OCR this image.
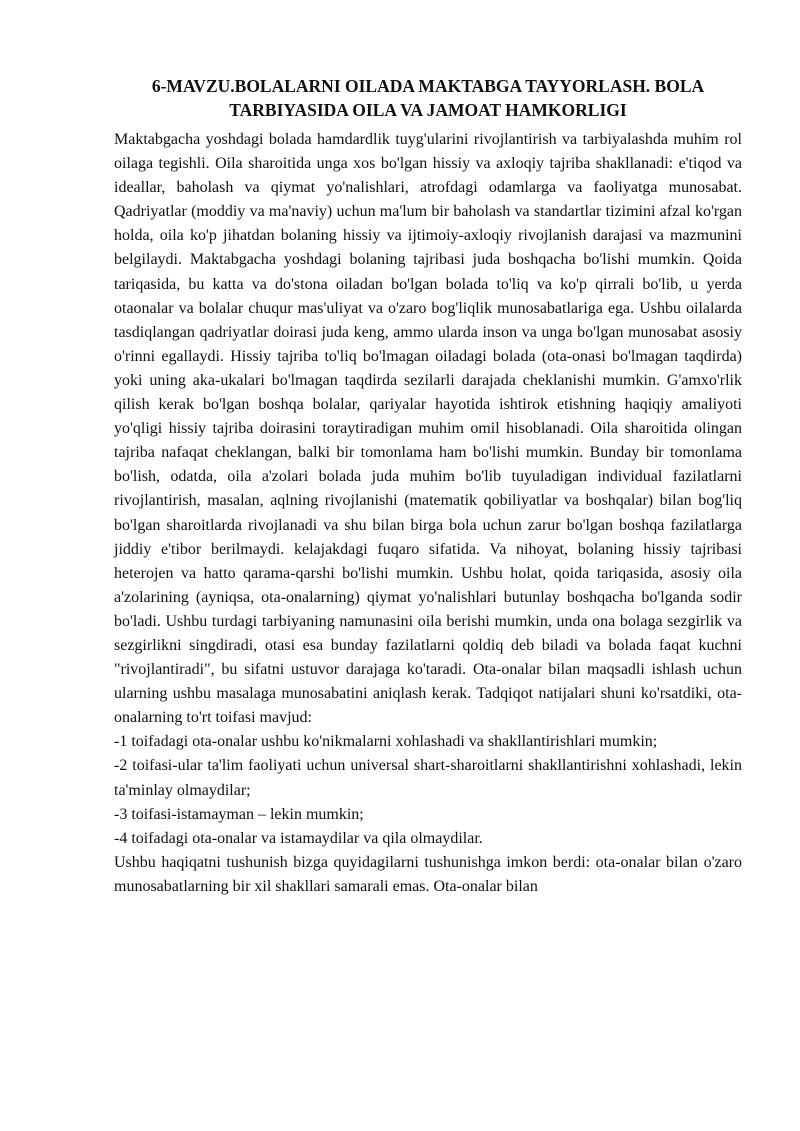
6-MAVZU.BOLALARNI OILADA MAKTABGA TAYYORLASH. BOLA
TARBIYASIDA OILA VA JAMOAT HAMKORLIGI

Maktabgacha yoshdagi bolada hamdardlik tuyg'ularini rivojlantirish va tarbiyalashda muhim rol oilaga tegishli. Oila sharoitida unga xos bo'lgan hissiy va axloqiy tajriba shakllanadi: e'tiqod va ideallar, baholash va qiymat yo'nalishlari, atrofdagi odamlarga va faoliyatga munosabat. Qadriyatlar (moddiy va ma'naviy) uchun ma'lum bir baholash va standartlar tizimini afzal ko'rgan holda, oila ko'p jihatdan bolaning hissiy va ijtimoiy-axloqiy rivojlanish darajasi va mazmunini belgilaydi. Maktabgacha yoshdagi bolaning tajribasi juda boshqacha bo'lishi mumkin. Qoida tariqasida, bu katta va do'stona oiladan bo'lgan bolada to'liq va ko'p qirrali bo'lib, u yerda otaonalar va bolalar chuqur mas'uliyat va o'zaro bog'liqlik munosabatlariga ega. Ushbu oilalarda tasdiqlangan qadriyatlar doirasi juda keng, ammo ularda inson va unga bo'lgan munosabat asosiy o'rinni egallaydi. Hissiy tajriba to'liq bo'lmagan oiladagi bolada (ota-onasi bo'lmagan taqdirda) yoki uning aka-ukalari bo'lmagan taqdirda sezilarli darajada cheklanishi mumkin. G'amxo'rlik qilish kerak bo'lgan boshqa bolalar, qariyalar hayotida ishtirok etishning haqiqiy amaliyoti yo'qligi hissiy tajriba doirasini toraytiradigan muhim omil hisoblanadi. Oila sharoitida olingan tajriba nafaqat cheklangan, balki bir tomonlama ham bo'lishi mumkin. Bunday bir tomonlama bo'lish, odatda, oila a'zolari bolada juda muhim bo'lib tuyuladigan individual fazilatlarni rivojlantirish, masalan, aqlning rivojlanishi (matematik qobiliyatlar va boshqalar) bilan bog'liq bo'lgan sharoitlarda rivojlanadi va shu bilan birga bola uchun zarur bo'lgan boshqa fazilatlarga jiddiy e'tibor berilmaydi. kelajakdagi fuqaro sifatida. Va nihoyat, bolaning hissiy tajribasi heterojen va hatto qarama-qarshi bo'lishi mumkin. Ushbu holat, qoida tariqasida, asosiy oila a'zolarining (ayniqsa, ota-onalarning) qiymat yo'nalishlari butunlay boshqacha bo'lganda sodir bo'ladi. Ushbu turdagi tarbiyaning namunasini oila berishi mumkin, unda ona bolaga sezgirlik va sezgirlikni singdiradi, otasi esa bunday fazilatlarni qoldiq deb biladi va bolada faqat kuchni "rivojlantiradi", bu sifatni ustuvor darajaga ko'taradi. Ota-onalar bilan maqsadli ishlash uchun ularning ushbu masalaga munosabatini aniqlash kerak. Tadqiqot natijalari shuni ko'rsatdiki, ota-onalarning to'rt toifasi mavjud:

-1 toifadagi ota-onalar ushbu ko'nikmalarni xohlashadi va shakllantirishlari mumkin;

-2 toifasi-ular ta'lim faoliyati uchun universal shart-sharoitlarni shakllantirishni xohlashadi, lekin ta'minlay olmaydilar;

-3 toifasi-istamayman – lekin mumkin;

-4 toifadagi ota-onalar va istamaydilar va qila olmaydilar.

Ushbu haqiqatni tushunish bizga quyidagilarni tushunishga imkon berdi: ota-onalar bilan o'zaro munosabatlarning bir xil shakllari samarali emas. Ota-onalar bilan
